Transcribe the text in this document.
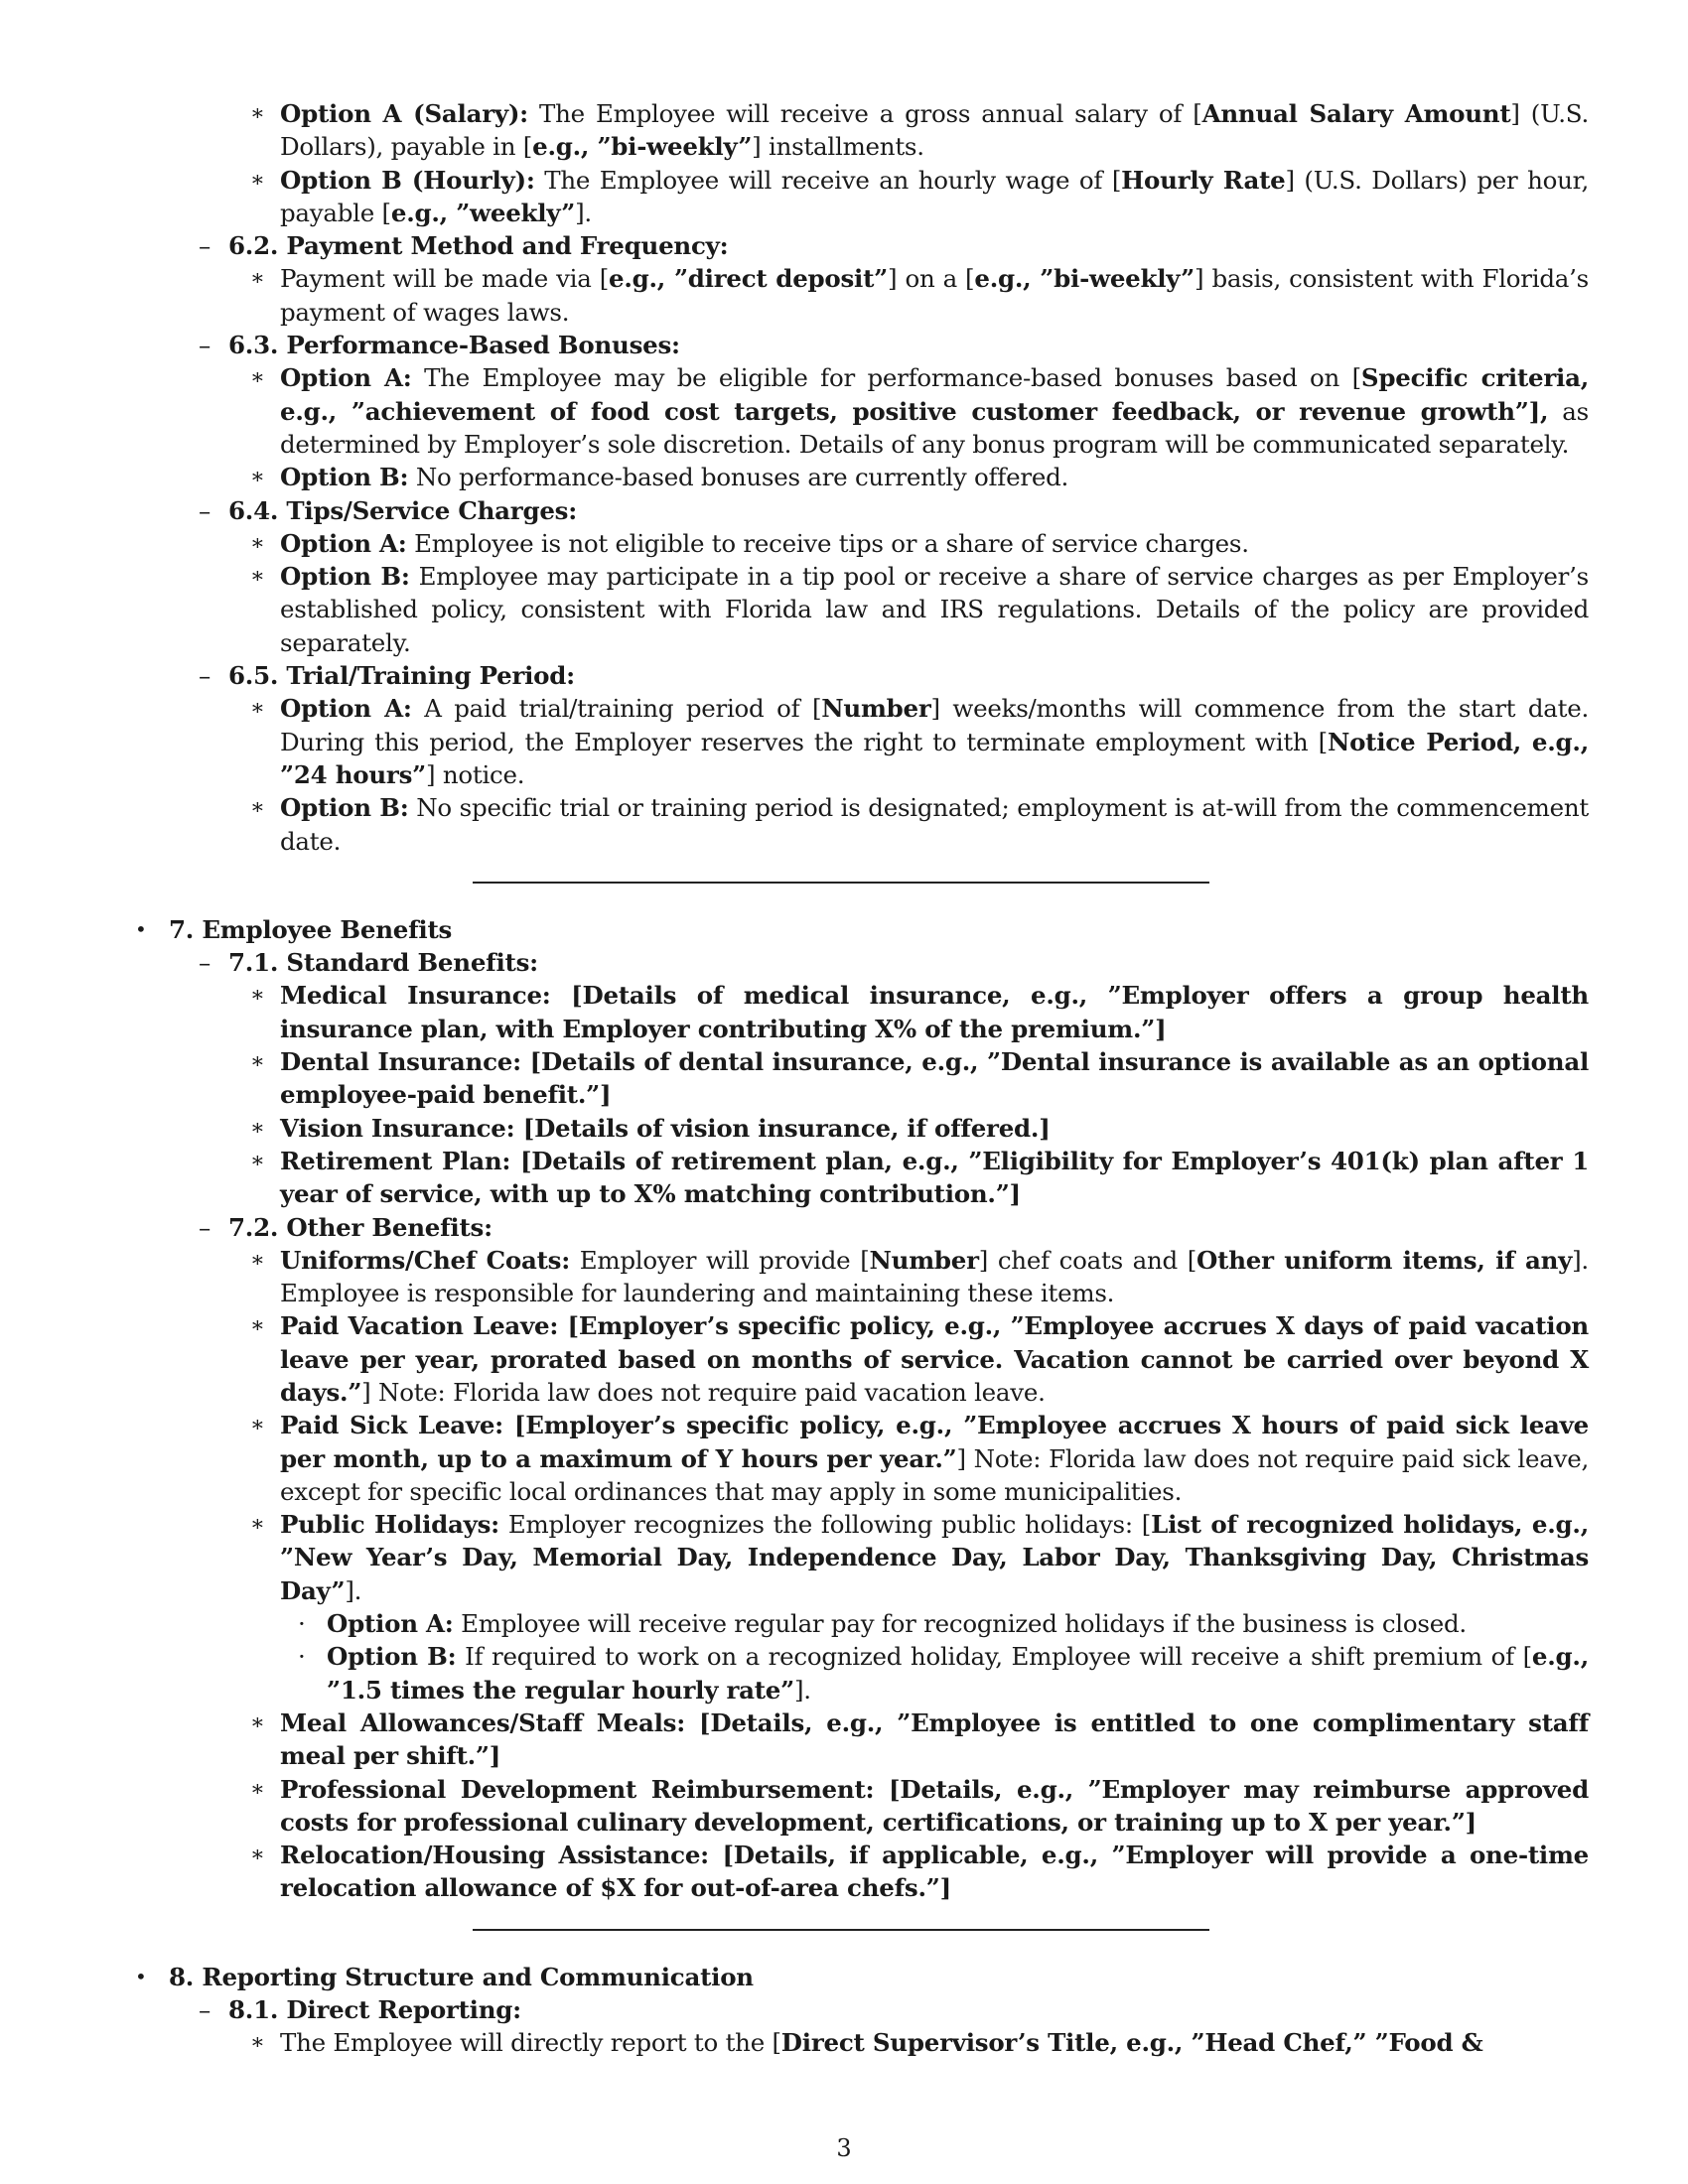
∗ Option A (Salary): The Employee will receive a gross annual salary of [Annual Salary Amount] (U.S. Dollars), payable in [e.g., ”bi-weekly”] installments.
∗ Option B (Hourly): The Employee will receive an hourly wage of [Hourly Rate] (U.S. Dollars) per hour, payable [e.g., ”weekly”].
– 6.2. Payment Method and Frequency:
∗ Payment will be made via [e.g., ”direct deposit”] on a [e.g., ”bi-weekly”] basis, consistent with Florida’s payment of wages laws.
– 6.3. Performance-Based Bonuses:
∗ Option A: The Employee may be eligible for performance-based bonuses based on [Specific criteria, e.g., ”achievement of food cost targets, positive customer feedback, or revenue growth”], as determined by Employer’s sole discretion. Details of any bonus program will be communicated separately.
∗ Option B: No performance-based bonuses are currently offered.
– 6.4. Tips/Service Charges:
∗ Option A: Employee is not eligible to receive tips or a share of service charges.
∗ Option B: Employee may participate in a tip pool or receive a share of service charges as per Employer’s established policy, consistent with Florida law and IRS regulations. Details of the policy are provided separately.
– 6.5. Trial/Training Period:
∗ Option A: A paid trial/training period of [Number] weeks/months will commence from the start date. During this period, the Employer reserves the right to terminate employment with [Notice Period, e.g., ”24 hours”] notice.
∗ Option B: No specific trial or training period is designated; employment is at-will from the commencement date.
• 7. Employee Benefits
– 7.1. Standard Benefits:
∗ Medical Insurance: [Details of medical insurance, e.g., ”Employer offers a group health insurance plan, with Employer contributing X% of the premium.”]
∗ Dental Insurance: [Details of dental insurance, e.g., ”Dental insurance is available as an optional employee-paid benefit.”]
∗ Vision Insurance: [Details of vision insurance, if offered.]
∗ Retirement Plan: [Details of retirement plan, e.g., ”Eligibility for Employer’s 401(k) plan after 1 year of service, with up to X% matching contribution.”]
– 7.2. Other Benefits:
∗ Uniforms/Chef Coats: Employer will provide [Number] chef coats and [Other uniform items, if any]. Employee is responsible for laundering and maintaining these items.
∗ Paid Vacation Leave: [Employer’s specific policy, e.g., ”Employee accrues X days of paid vacation leave per year, prorated based on months of service. Vacation cannot be carried over beyond X days.”] Note: Florida law does not require paid vacation leave.
∗ Paid Sick Leave: [Employer’s specific policy, e.g., ”Employee accrues X hours of paid sick leave per month, up to a maximum of Y hours per year.”] Note: Florida law does not require paid sick leave, except for specific local ordinances that may apply in some municipalities.
∗ Public Holidays: Employer recognizes the following public holidays: [List of recognized holidays, e.g., ”New Year’s Day, Memorial Day, Independence Day, Labor Day, Thanksgiving Day, Christmas Day”].
· Option A: Employee will receive regular pay for recognized holidays if the business is closed.
· Option B: If required to work on a recognized holiday, Employee will receive a shift premium of [e.g., ”1.5 times the regular hourly rate”].
∗ Meal Allowances/Staff Meals: [Details, e.g., ”Employee is entitled to one complimentary staff meal per shift.”]
∗ Professional Development Reimbursement: [Details, e.g., ”Employer may reimburse approved costs for professional culinary development, certifications, or training up to X per year.”]
∗ Relocation/Housing Assistance: [Details, if applicable, e.g., ”Employer will provide a one-time relocation allowance of $X for out-of-area chefs.”]
• 8. Reporting Structure and Communication
– 8.1. Direct Reporting:
∗ The Employee will directly report to the [Direct Supervisor’s Title, e.g., ”Head Chef,” ”Food &
3
